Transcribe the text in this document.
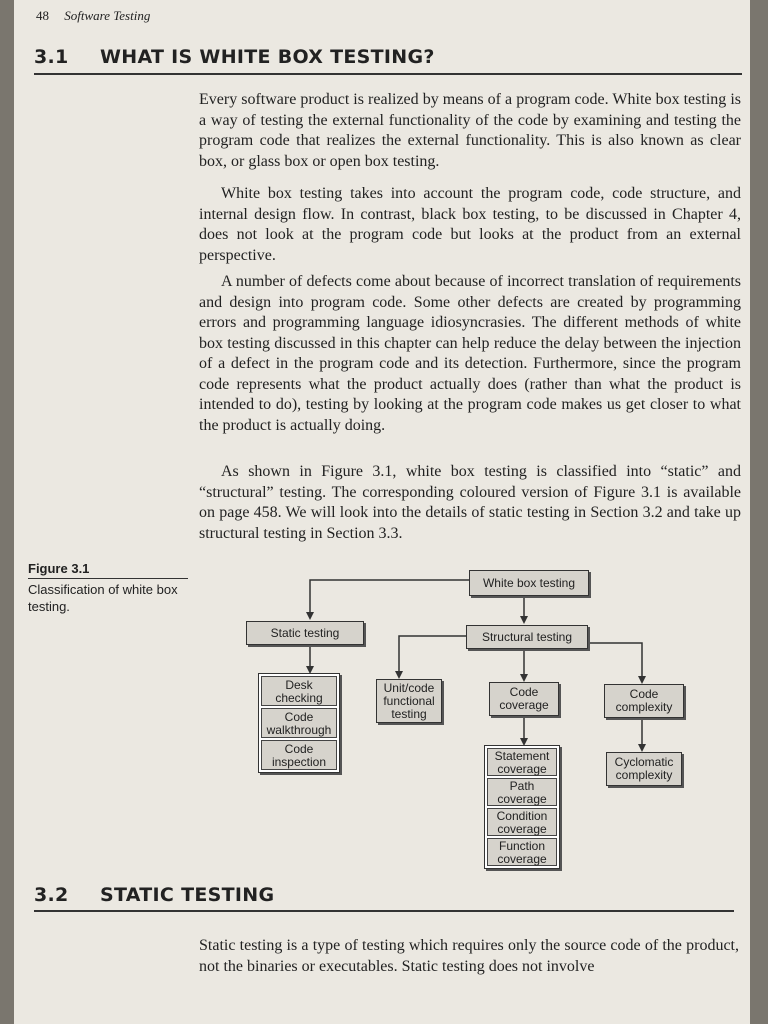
48 Software Testing
3.1 WHAT IS WHITE BOX TESTING?

Every software product is realized by means of a program code. White box testing is a way of testing the external functionality of the code by examining and testing the program code that realizes the external functionality. This is also known as clear box, or glass box or open box testing.

White box testing takes into account the program code, code structure, and internal design flow. In contrast, black box testing, to be discussed in Chapter 4, does not look at the program code but looks at the product from an external perspective.

A number of defects come about because of incorrect translation of requirements and design into program code. Some other defects are created by programming errors and programming language idiosyncrasies. The different methods of white box testing discussed in this chapter can help reduce the delay between the injection of a defect in the program code and its detection. Furthermore, since the program code represents what the product actually does (rather than what the product is intended to do), testing by looking at the program code makes us get closer to what the product is actually doing.

As shown in Figure 3.1, white box testing is classified into “static” and “structural” testing. The corresponding coloured version of Figure 3.1 is available on page 458. We will look into the details of static testing in Section 3.2 and take up structural testing in Section 3.3.

Figure 3.1
Classification of white box testing.
White box testing
Static testing	Structural testing
Desk checking
Code walkthrough
Code inspection
Unit/code functional testing
Code coverage
Code complexity
Statement coverage
Path coverage
Condition coverage
Function coverage
Cyclomatic complexity
3.2 STATIC TESTING

Static testing is a type of testing which requires only the source code of the product, not the binaries or executables. Static testing does not involve
